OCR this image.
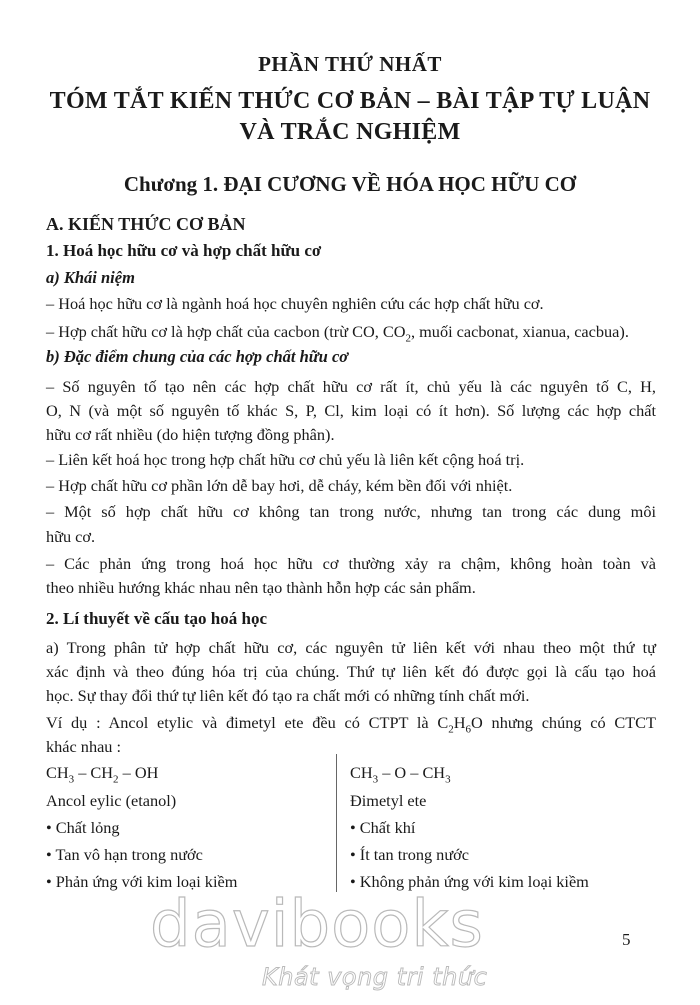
PHẦN THỨ NHẤT
TÓM TẮT KIẾN THỨC CƠ BẢN – BÀI TẬP TỰ LUẬN
VÀ TRẮC NGHIỆM
Chương 1. ĐẠI CƯƠNG VỀ HÓA HỌC HỮU CƠ
A. KIẾN THỨC CƠ BẢN
1. Hoá học hữu cơ và hợp chất hữu cơ
a) Khái niệm
– Hoá học hữu cơ là ngành hoá học chuyên nghiên cứu các hợp chất hữu cơ.
– Hợp chất hữu cơ là hợp chất của cacbon (trừ CO, $CO_2$, muối cacbonat, xianua, cacbua).
b) Đặc điểm chung của các hợp chất hữu cơ
– Số nguyên tố tạo nên các hợp chất hữu cơ rất ít, chủ yếu là các nguyên tố C, H,
O, N (và một số nguyên tố khác S, P, Cl, kim loại có ít hơn). Số lượng các hợp chất
hữu cơ rất nhiều (do hiện tượng đồng phân).
– Liên kết hoá học trong hợp chất hữu cơ chủ yếu là liên kết cộng hoá trị.
– Hợp chất hữu cơ phần lớn dễ bay hơi, dễ cháy, kém bền đối với nhiệt.
– Một số hợp chất hữu cơ không tan trong nước, nhưng tan trong các dung môi
hữu cơ.
– Các phản ứng trong hoá học hữu cơ thường xảy ra chậm, không hoàn toàn và
theo nhiều hướng khác nhau nên tạo thành hỗn hợp các sản phẩm.
2. Lí thuyết về cấu tạo hoá học
a) Trong phân tử hợp chất hữu cơ, các nguyên tử liên kết với nhau theo một thứ tự
xác định và theo đúng hóa trị của chúng. Thứ tự liên kết đó được gọi là cấu tạo hoá
học. Sự thay đổi thứ tự liên kết đó tạo ra chất mới có những tính chất mới.
Ví dụ : Ancol etylic và đimetyl ete đều có CTPT là $C_2H_6O$ nhưng chúng có CTCT
khác nhau :
$CH_3 - CH_2$ – OH
Ancol eylic (etanol)
• Chất lỏng
• Tan vô hạn trong nước
• Phản ứng với kim loại kiềm
$CH_3$ – O – $CH_3$
Đimetyl ete
• Chất khí
• Ít tan trong nước
• Không phản ứng với kim loại kiềm
davibooks
Khát vọng tri thức
5
